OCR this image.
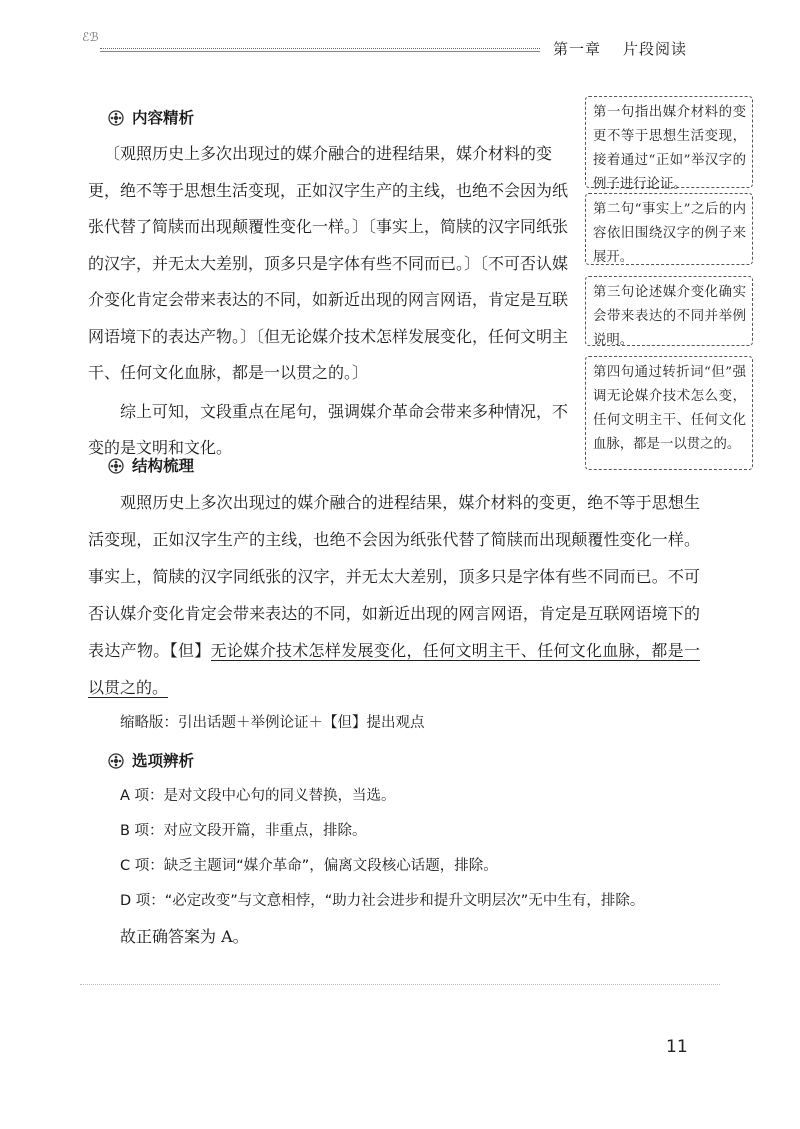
ℰℬ
第一章 片段阅读
内容精析
〔观照历史上多次出现过的媒介融合的进程结果，媒介材料的变
更，绝不等于思想生活变现，正如汉字生产的主线，也绝不会因为纸
张代替了简牍而出现颠覆性变化一样。〕〔事实上，简牍的汉字同纸张
的汉字，并无太大差别，顶多只是字体有些不同而已。〕〔不可否认媒
介变化肯定会带来表达的不同，如新近出现的网言网语，肯定是互联
网语境下的表达产物。〕〔但无论媒介技术怎样发展变化，任何文明主
干、任何文化血脉，都是一以贯之的。〕
综上可知，文段重点在尾句，强调媒介革命会带来多种情况，不
变的是文明和文化。
第一句指出媒介材料的变更不等于思想生活变现，接着通过“正如”举汉字的例子进行论证。
第二句“事实上”之后的内容依旧围绕汉字的例子来展开。
第三句论述媒介变化确实会带来表达的不同并举例说明。
第四句通过转折词“但”强调无论媒介技术怎么变，任何文明主干、任何文化血脉，都是一以贯之的。
结构梳理

观照历史上多次出现过的媒介融合的进程结果，媒介材料的变更，绝不等于思想生活变现，正如汉字生产的主线，也绝不会因为纸张代替了简牍而出现颠覆性变化一样。事实上，简牍的汉字同纸张的汉字，并无太大差别，顶多只是字体有些不同而已。不可否认媒介变化肯定会带来表达的不同，如新近出现的网言网语，肯定是互联网语境下的表达产物。【但】无论媒介技术怎样发展变化，任何文明主干、任何文化血脉，都是一以贯之的。

缩略版：引出话题＋举例论证＋【但】提出观点
选项辨析
A 项：是对文段中心句的同义替换，当选。
B 项：对应文段开篇，非重点，排除。
C 项：缺乏主题词“媒介革命”，偏离文段核心话题，排除。
D 项：“必定改变”与文意相悖，“助力社会进步和提升文明层次”无中生有，排除。
故正确答案为 A。
11
